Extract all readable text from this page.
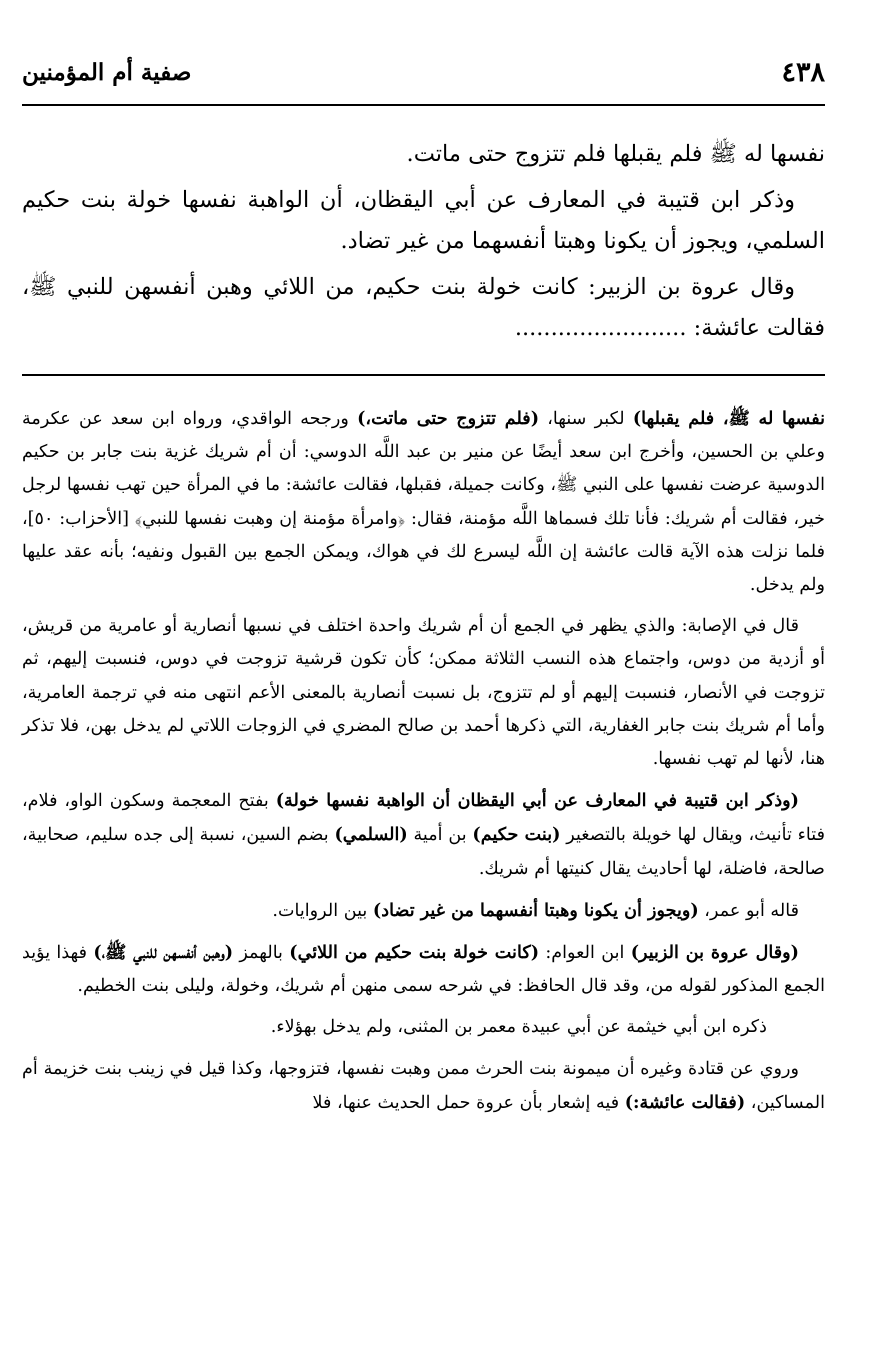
٤٣٨
صفية أم المؤمنين

نفسها له ﷺ فلم يقبلها فلم تتزوج حتى ماتت.

وذكر ابن قتيبة في المعارف عن أبي اليقظان، أن الواهبة نفسها خولة بنت حكيم السلمي، ويجوز أن يكونا وهبتا أنفسهما من غير تضاد.

وقال عروة بن الزبير: كانت خولة بنت حكيم، من اللائي وهبن أنفسهن للنبي ﷺ، فقالت عائشة: ........................

نفسها له ﷺ، فلم يقبلها) لكبر سنها، (فلم تتزوج حتى ماتت،) ورجحه الواقدي، ورواه ابن سعد عن عكرمة وعلي بن الحسين، وأخرج ابن سعد أيضًا عن منير بن عبد اللَّه الدوسي: أن أم شريك غزية بنت جابر بن حكيم الدوسية عرضت نفسها على النبي ﷺ، وكانت جميلة، فقبلها، فقالت عائشة: ما في المرأة حين تهب نفسها لرجل خير، فقالت أم شريك: فأنا تلك فسماها اللَّه مؤمنة، فقال: ﴿وامرأة مؤمنة إن وهبت نفسها للنبي﴾ [الأحزاب: ٥٠]، فلما نزلت هذه الآية قالت عائشة إن اللَّه ليسرع لك في هواك، ويمكن الجمع بين القبول ونفيه؛ بأنه عقد عليها ولم يدخل.

قال في الإصابة: والذي يظهر في الجمع أن أم شريك واحدة اختلف في نسبها أنصارية أو عامرية من قريش، أو أزدية من دوس، واجتماع هذه النسب الثلاثة ممكن؛ كأن تكون قرشية تزوجت في دوس، فنسبت إليهم، ثم تزوجت في الأنصار، فنسبت إليهم أو لم تتزوج، بل نسبت أنصارية بالمعنى الأعم انتهى منه في ترجمة العامرية، وأما أم شريك بنت جابر الغفارية، التي ذكرها أحمد بن صالح المضري في الزوجات اللاتي لم يدخل بهن، فلا تذكر هنا، لأنها لم تهب نفسها.

(وذكر ابن قتيبة في المعارف عن أبي اليقظان أن الواهبة نفسها خولة) بفتح المعجمة وسكون الواو، فلام، فتاء تأنيث، ويقال لها خويلة بالتصغير (بنت حكيم) بن أمية (السلمي) بضم السين، نسبة إلى جده سليم، صحابية، صالحة، فاضلة، لها أحاديث يقال كنيتها أم شريك.

قاله أبو عمر، (ويجوز أن يكونا وهبتا أنفسهما من غير تضاد) بين الروايات.

(وقال عروة بن الزبير) ابن العوام: (كانت خولة بنت حكيم من اللائي) بالهمز (وهبن أنفسهن للنبي ﷺ،) فهذا يؤيد الجمع المذكور لقوله من، وقد قال الحافظ: في شرحه سمى منهن أم شريك، وخولة، وليلى بنت الخطيم.

ذكره ابن أبي خيثمة عن أبي عبيدة معمر بن المثنى، ولم يدخل بهؤلاء.

وروي عن قتادة وغيره أن ميمونة بنت الحرث ممن وهبت نفسها، فتزوجها، وكذا قيل في زينب بنت خزيمة أم المساكين، (فقالت عائشة:) فيه إشعار بأن عروة حمل الحديث عنها، فلا
